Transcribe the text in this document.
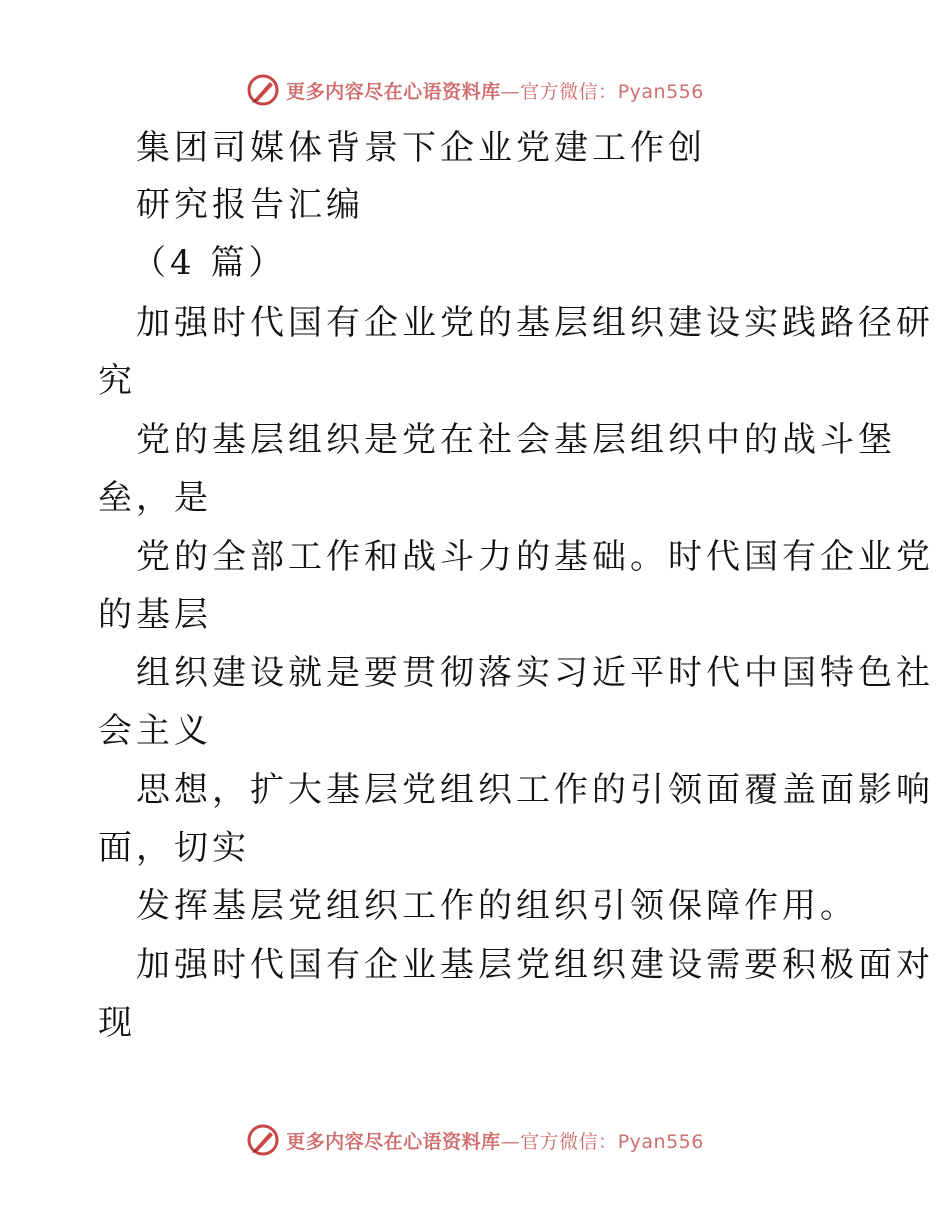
更多内容尽在心语资料库—官方微信：Pyan556
集团司媒体背景下企业党建工作创
研究报告汇编
（4 篇）
加强时代国有企业党的基层组织建设实践路径研
究
党的基层组织是党在社会基层组织中的战斗堡
垒，是
党的全部工作和战斗力的基础。时代国有企业党
的基层
组织建设就是要贯彻落实习近平时代中国特色社
会主义
思想，扩大基层党组织工作的引领面覆盖面影响
面，切实
发挥基层党组织工作的组织引领保障作用。
加强时代国有企业基层党组织建设需要积极面对
现
更多内容尽在心语资料库—官方微信：Pyan556
